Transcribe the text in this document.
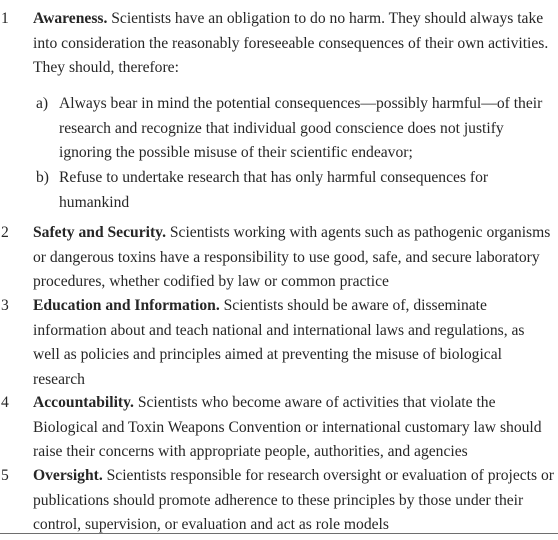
1 Awareness. Scientists have an obligation to do no harm. They should always take into consideration the reasonably foreseeable consequences of their own activities. They should, therefore:

a) Always bear in mind the potential consequences—possibly harmful—of their research and recognize that individual good conscience does not justify ignoring the possible misuse of their scientific endeavor;

b) Refuse to undertake research that has only harmful consequences for humankind

2 Safety and Security. Scientists working with agents such as pathogenic organisms or dangerous toxins have a responsibility to use good, safe, and secure laboratory procedures, whether codified by law or common practice

3 Education and Information. Scientists should be aware of, disseminate information about and teach national and international laws and regulations, as well as policies and principles aimed at preventing the misuse of biological research

4 Accountability. Scientists who become aware of activities that violate the Biological and Toxin Weapons Convention or international customary law should raise their concerns with appropriate people, authorities, and agencies

5 Oversight. Scientists responsible for research oversight or evaluation of projects or publications should promote adherence to these principles by those under their control, supervision, or evaluation and act as role models
